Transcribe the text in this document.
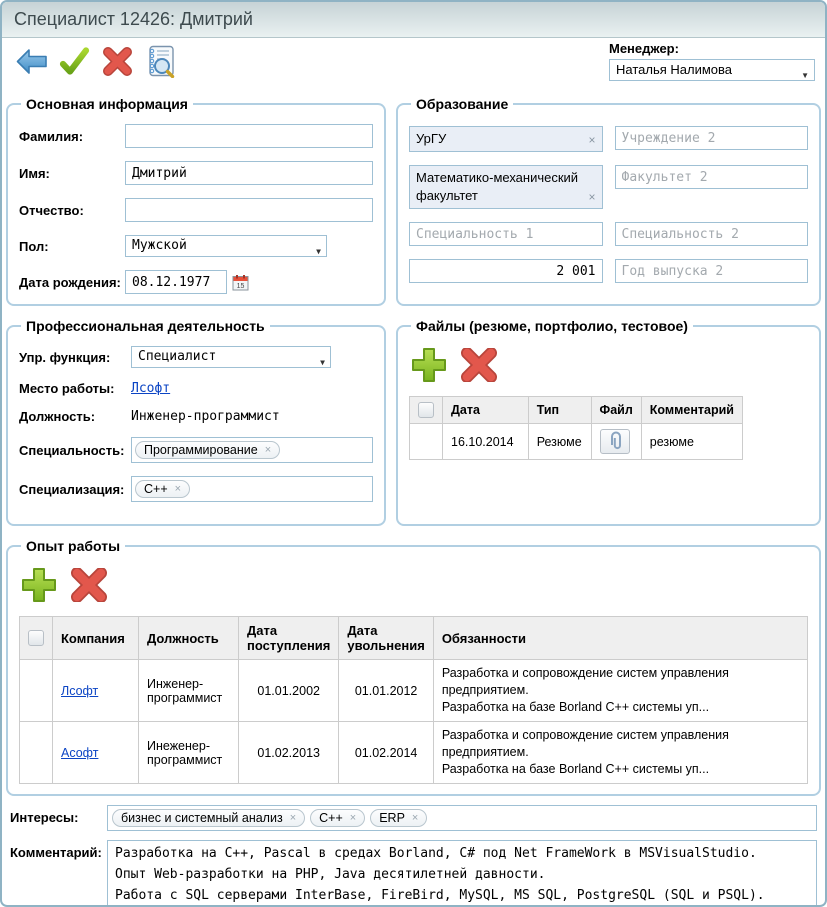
Специалист 12426: Дмитрий
Менеджер:
Наталья Налимова	▼
Основная информация
Фамилия:
Имя:
Дмитрий
Отчество:
Пол:	Мужской	▼
Дата рождения:
08.12.1977	15
Образование
УрГУ	×
Учреждение 2
Математико-механический факультет	×
Факультет 2
Специальность 1
Специальность 2
2 001
Год выпуска 2
Профессиональная деятельность
Упр. функция:	Специалист	▼
Место работы:	Лсофт
Должность:	Инженер-программист
Специальность:	Программирование ×
Специализация:	C++ ×
Файлы (резюме, портфолио, тестовое)
	Дата	Тип	Файл	Комментарий
	16.10.2014	Резюме		резюме
Опыт работы
	Компания	Должность	Дата поступления	Дата увольнения	Обязанности
	Лсофт	Инженер-программист	01.01.2002	01.01.2012	Разработка и сопровождение систем управления предприятием.
Разработка на базе Borland C++ системы уп...

	Асофт	Инеженер-программист	01.02.2013	01.02.2014	Разработка и сопровождение систем управления предприятием.
Разработка на базе Borland C++ системы уп...
Интересы:	бизнес и системный анализ × C++ × ERP ×
Комментарий:
Разработка на C++, Pascal в средах Borland, C# под Net FrameWork в MSVisualStudio. Опыт Web-разработки на PHP, Java десятилетней давности. Работа с SQL серверами InterBase, FireBird, MySQL, MS SQL, PostgreSQL (SQL и PSQL). Навыки написания приложений на VBA для приложений MS Office.
